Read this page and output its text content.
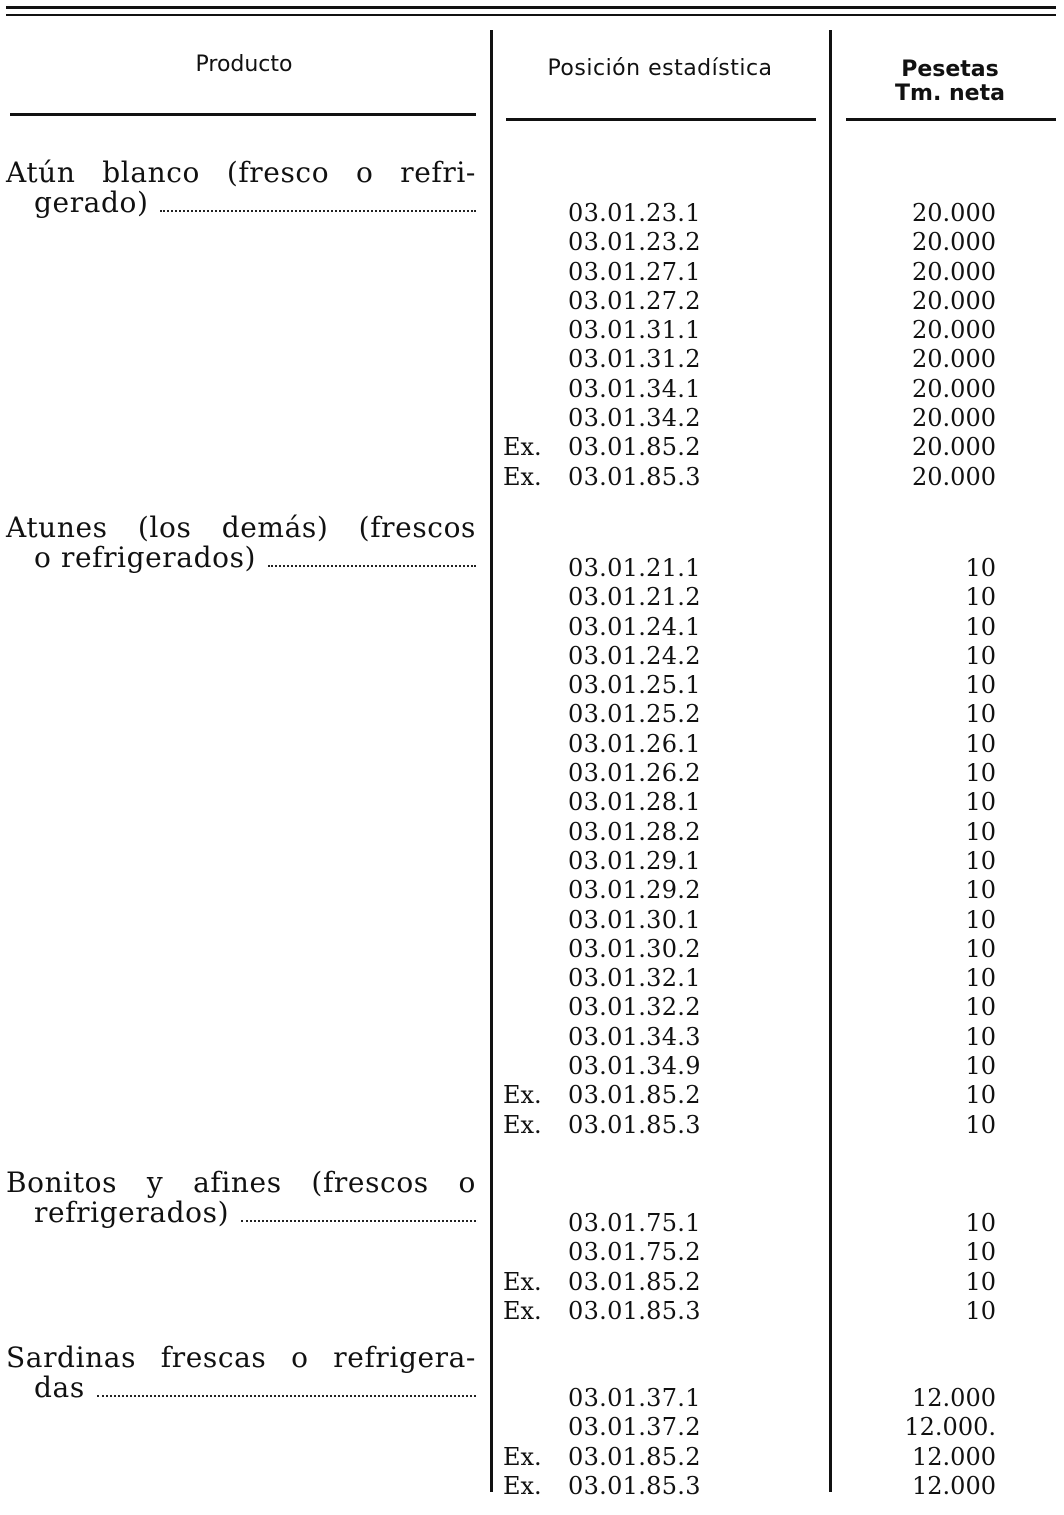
Producto	Posición estadística	Pesetas
Tm. neta
Atún blanco (fresco o refri-
gerado)	03.01.23.1	20.000
03.01.23.2	20.000
03.01.27.1	20.000
03.01.27.2	20.000
03.01.31.1	20.000
03.01.31.2	20.000
03.01.34.1	20.000
03.01.34.2	20.000
Ex. 03.01.85.2	20.000
Ex. 03.01.85.3	20.000
Atunes (los demás) (frescos
o refrigerados)	03.01.21.1	10
03.01.21.2	10
03.01.24.1	10
03.01.24.2	10
03.01.25.1	10
03.01.25.2	10
03.01.26.1	10
03.01.26.2	10
03.01.28.1	10
03.01.28.2	10
03.01.29.1	10
03.01.29.2	10
03.01.30.1	10
03.01.30.2	10
03.01.32.1	10
03.01.32.2	10
03.01.34.3	10
03.01.34.9	10
Ex. 03.01.85.2	10
Ex. 03.01.85.3	10
Bonitos y afines (frescos o
refrigerados)	03.01.75.1	10
03.01.75.2	10
Ex. 03.01.85.2	10
Ex. 03.01.85.3	10
Sardinas frescas o refrigera-
das	03.01.37.1	12.000
03.01.37.2	12.000.
Ex. 03.01.85.2	12.000
Ex. 03.01.85.3	12.000
